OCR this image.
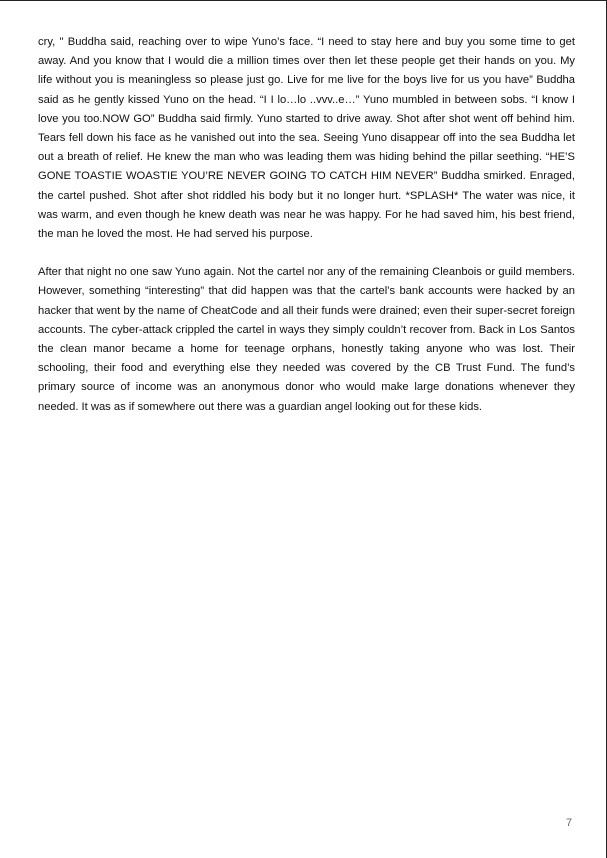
cry, '' Buddha said, reaching over to wipe Yuno’s face. “I need to stay here and buy you some time to get away. And you know that I would die a million times over then let these people get their hands on you. My life without you is meaningless so please just go. Live for me live for the boys live for us you have” Buddha said as he gently kissed Yuno on the head. “I I lo…lo ..vvv..e…” Yuno mumbled in between sobs. “I know I love you too.NOW GO” Buddha said firmly. Yuno started to drive away. Shot after shot went off behind him. Tears fell down his face as he vanished out into the sea. Seeing Yuno disappear off into the sea Buddha let out a breath of relief. He knew the man who was leading them was hiding behind the pillar seething. “HE’S GONE TOASTIE WOASTIE YOU’RE NEVER GOING TO CATCH HIM NEVER” Buddha smirked. Enraged, the cartel pushed. Shot after shot riddled his body but it no longer hurt. *SPLASH* The water was nice, it was warm, and even though he knew death was near he was happy. For he had saved him, his best friend, the man he loved the most. He had served his purpose.

After that night no one saw Yuno again. Not the cartel nor any of the remaining Cleanbois or guild members. However, something “interesting” that did happen was that the cartel’s bank accounts were hacked by an hacker that went by the name of CheatCode and all their funds were drained; even their super-secret foreign accounts. The cyber-attack crippled the cartel in ways they simply couldn’t recover from. Back in Los Santos the clean manor became a home for teenage orphans, honestly taking anyone who was lost. Their schooling, their food and everything else they needed was covered by the CB Trust Fund. The fund’s primary source of income was an anonymous donor who would make large donations whenever they needed. It was as if somewhere out there was a guardian angel looking out for these kids.

7
